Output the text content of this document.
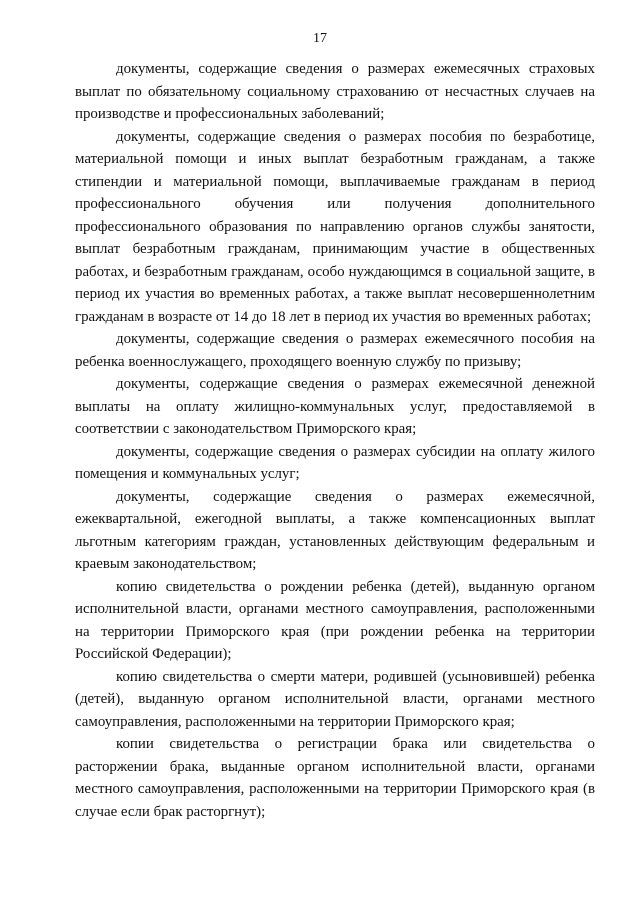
17

документы, содержащие сведения о размерах ежемесячных страховых выплат по обязательному социальному страхованию от несчастных случаев на производстве и профессиональных заболеваний;

документы, содержащие сведения о размерах пособия по безработице, материальной помощи и иных выплат безработным гражданам, а также стипендии и материальной помощи, выплачиваемые гражданам в период профессионального обучения или получения дополнительного профессионального образования по направлению органов службы занятости, выплат безработным гражданам, принимающим участие в общественных работах, и безработным гражданам, особо нуждающимся в социальной защите, в период их участия во временных работах, а также выплат несовершеннолетним гражданам в возрасте от 14 до 18 лет в период их участия во временных работах;

документы, содержащие сведения о размерах ежемесячного пособия на ребенка военнослужащего, проходящего военную службу по призыву;

документы, содержащие сведения о размерах ежемесячной денежной выплаты на оплату жилищно-коммунальных услуг, предоставляемой в соответствии с законодательством Приморского края;

документы, содержащие сведения о размерах субсидии на оплату жилого помещения и коммунальных услуг;

документы, содержащие сведения о размерах ежемесячной, ежеквартальной, ежегодной выплаты, а также компенсационных выплат льготным категориям граждан, установленных действующим федеральным и краевым законодательством;

копию свидетельства о рождении ребенка (детей), выданную органом исполнительной власти, органами местного самоуправления, расположенными на территории Приморского края (при рождении ребенка на территории Российской Федерации);

копию свидетельства о смерти матери, родившей (усыновившей) ребенка (детей), выданную органом исполнительной власти, органами местного самоуправления, расположенными на территории Приморского края;

копии свидетельства о регистрации брака или свидетельства о расторжении брака, выданные органом исполнительной власти, органами местного самоуправления, расположенными на территории Приморского края (в случае если брак расторгнут);
